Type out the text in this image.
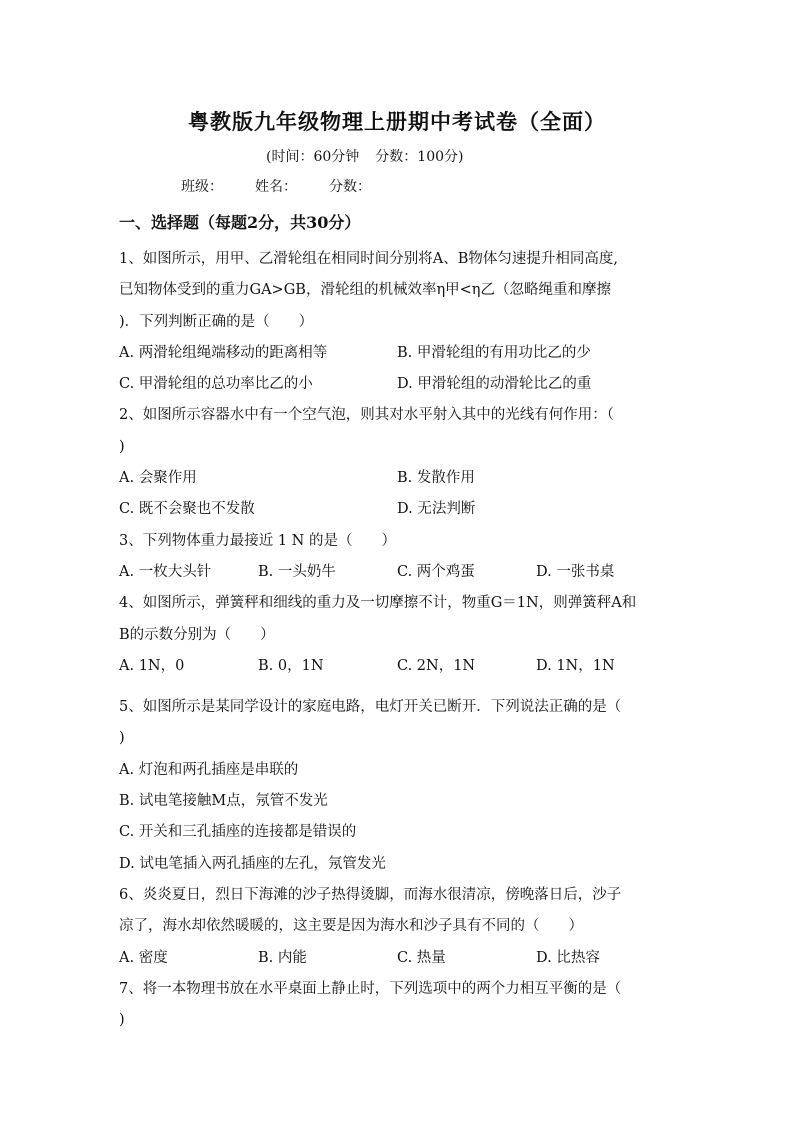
粤教版九年级物理上册期中考试卷（全面）
(时间：60分钟 分数：100分)
班级： 姓名： 分数：
一、选择题（每题2分，共30分）
1、如图所示，用甲、乙滑轮组在相同时间分别将A、B物体匀速提升相同高度,
已知物体受到的重力GA>GB，滑轮组的机械效率η甲<η乙（忽略绳重和摩擦
)．下列判断正确的是（　　）
A. 两滑轮组绳端移动的距离相等	B. 甲滑轮组的有用功比乙的少
C. 甲滑轮组的总功率比乙的小	D. 甲滑轮组的动滑轮比乙的重
2、如图所示容器水中有一个空气泡，则其对水平射入其中的光线有何作用：（
)
A. 会聚作用	B. 发散作用
C. 既不会聚也不发散	D. 无法判断
3、下列物体重力最接近 1 N 的是（　　）
A. 一枚大头针	B. 一头奶牛	C. 两个鸡蛋	D. 一张书桌
4、如图所示，弹簧秤和细线的重力及一切摩擦不计，物重G＝1N，则弹簧秤A和
B的示数分别为（　　）
A. 1N，0	B. 0，1N	C. 2N，1N	D. 1N，1N
5、如图所示是某同学设计的家庭电路，电灯开关已断开．下列说法正确的是（
)
A. 灯泡和两孔插座是串联的
B. 试电笔接触M点，氖管不发光
C. 开关和三孔插座的连接都是错误的
D. 试电笔插入两孔插座的左孔，氖管发光
6、炎炎夏日，烈日下海滩的沙子热得烫脚，而海水很清凉，傍晚落日后，沙子
凉了，海水却依然暖暖的，这主要是因为海水和沙子具有不同的（　　）
A. 密度	B. 内能	C. 热量	D. 比热容
7、将一本物理书放在水平桌面上静止时，下列选项中的两个力相互平衡的是（
)
